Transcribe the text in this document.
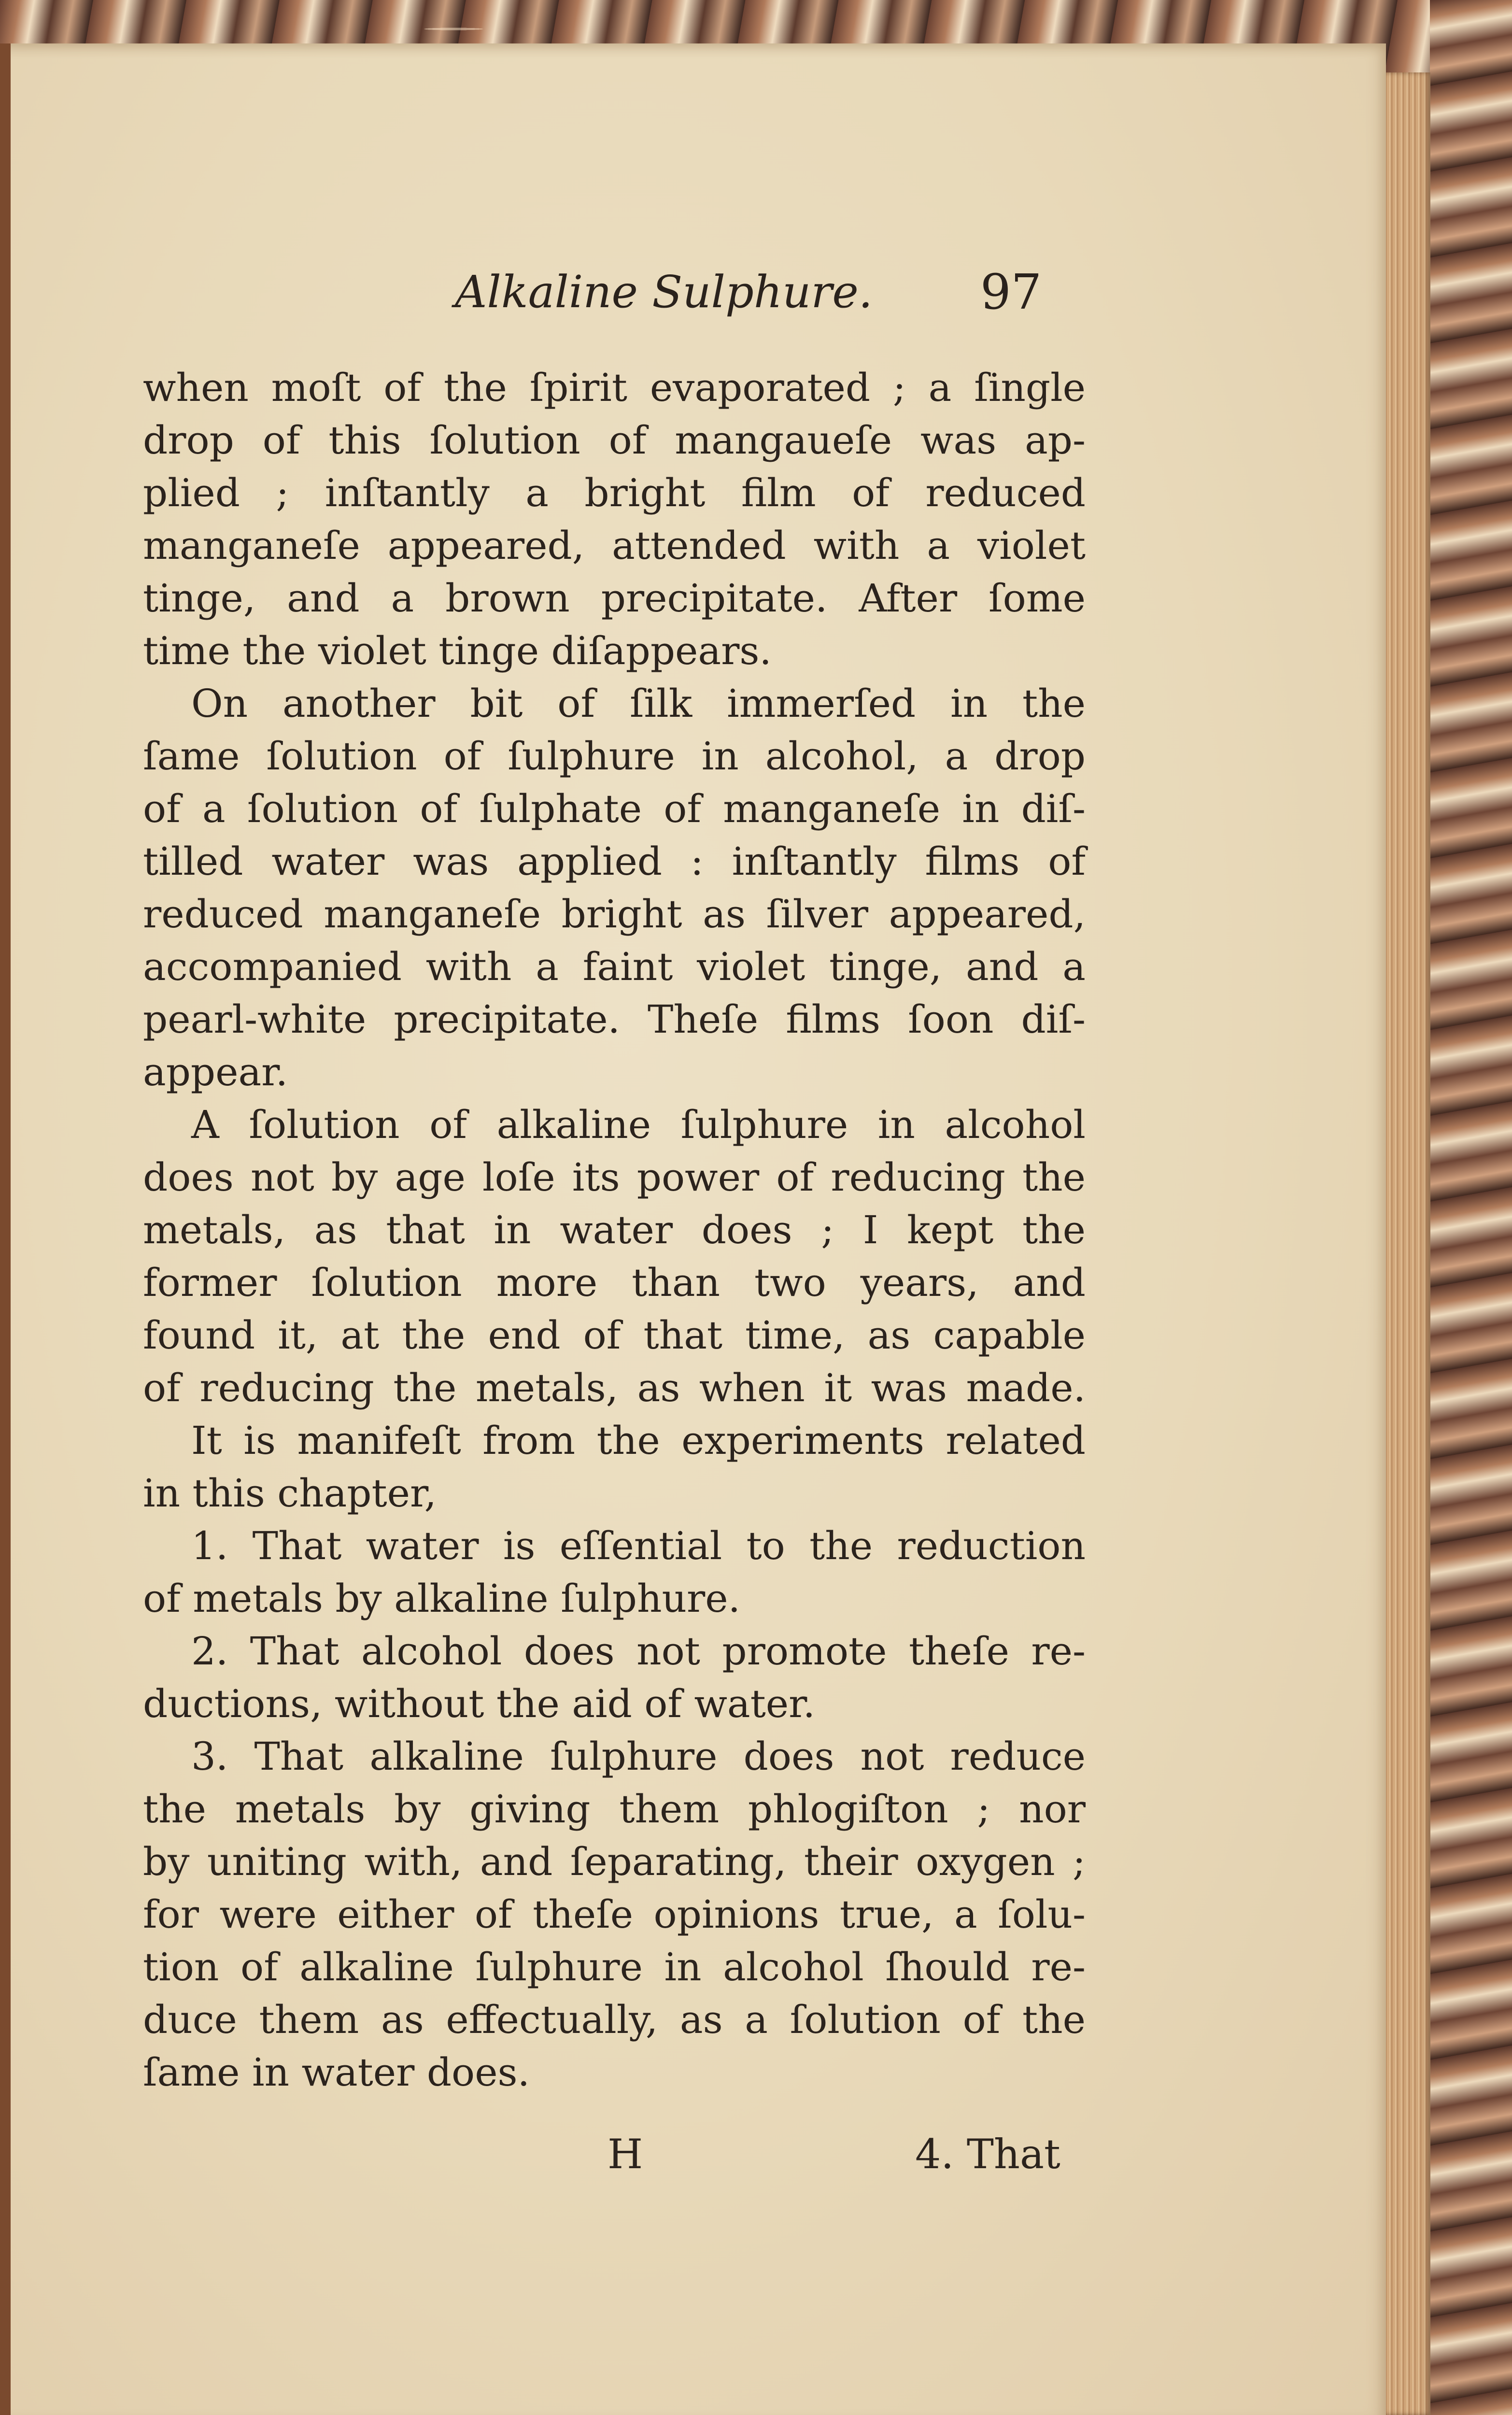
Alkaline Sulphure. 97
when moſt of the ſpirit evaporated ; a ſingle
drop of this ſolution of mangaueſe was ap-
plied ; inſtantly a bright film of reduced
manganeſe appeared, attended with a violet
tinge, and a brown precipitate. After ſome
time the violet tinge diſappears.
On another bit of ſilk immerſed in the
ſame ſolution of ſulphure in alcohol, a drop
of a ſolution of ſulphate of manganeſe in diſ-
tilled water was applied : inſtantly films of
reduced manganeſe bright as ſilver appeared,
accompanied with a faint violet tinge, and a
pearl-white precipitate. Theſe films ſoon diſ-
appear.
A ſolution of alkaline ſulphure in alcohol
does not by age loſe its power of reducing the
metals, as that in water does ; I kept the
former ſolution more than two years, and
found it, at the end of that time, as capable
of reducing the metals, as when it was made.
It is manifeſt from the experiments related
in this chapter,
1. That water is eſſential to the reduction
of metals by alkaline ſulphure.
2. That alcohol does not promote theſe re-
ductions, without the aid of water.
3. That alkaline ſulphure does not reduce
the metals by giving them phlogiſton ; nor
by uniting with, and ſeparating, their oxygen ;
for were either of theſe opinions true, a ſolu-
tion of alkaline ſulphure in alcohol ſhould re-
duce them as effectually, as a ſolution of the
ſame in water does.
H	4. That
